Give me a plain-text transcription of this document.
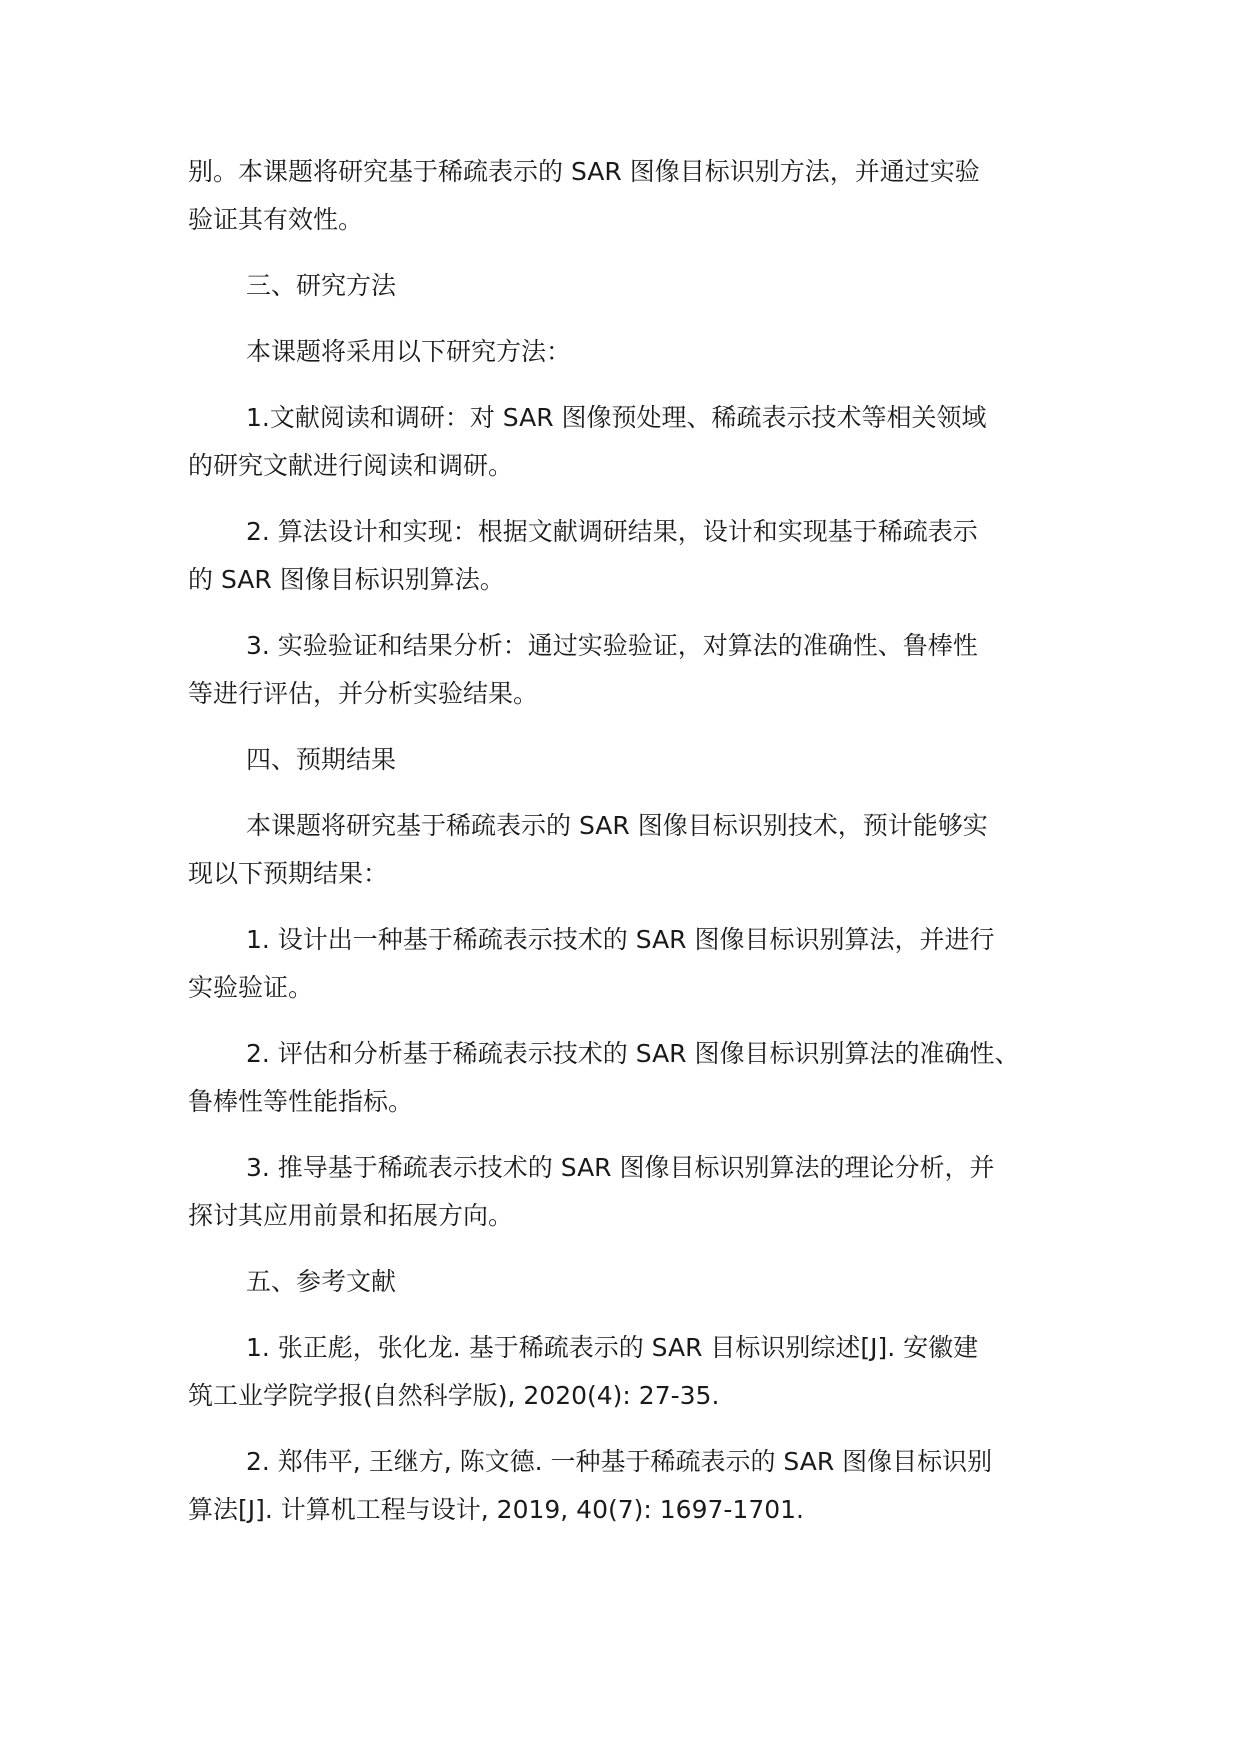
别。本课题将研究基于稀疏表示的 SAR 图像目标识别方法，并通过实验
验证其有效性。

三、研究方法

本课题将采用以下研究方法：

1.文献阅读和调研：对 SAR 图像预处理、稀疏表示技术等相关领域
的研究文献进行阅读和调研。

2. 算法设计和实现：根据文献调研结果，设计和实现基于稀疏表示
的 SAR 图像目标识别算法。

3. 实验验证和结果分析：通过实验验证，对算法的准确性、鲁棒性
等进行评估，并分析实验结果。

四、预期结果

本课题将研究基于稀疏表示的 SAR 图像目标识别技术，预计能够实
现以下预期结果：

1. 设计出一种基于稀疏表示技术的 SAR 图像目标识别算法，并进行
实验验证。

2. 评估和分析基于稀疏表示技术的 SAR 图像目标识别算法的准确性、
鲁棒性等性能指标。

3. 推导基于稀疏表示技术的 SAR 图像目标识别算法的理论分析，并
探讨其应用前景和拓展方向。

五、参考文献

1. 张正彪，张化龙. 基于稀疏表示的 SAR 目标识别综述[J]. 安徽建
筑工业学院学报(自然科学版), 2020(4): 27-35.

2. 郑伟平, 王继方, 陈文德. 一种基于稀疏表示的 SAR 图像目标识别
算法[J]. 计算机工程与设计, 2019, 40(7): 1697-1701.
